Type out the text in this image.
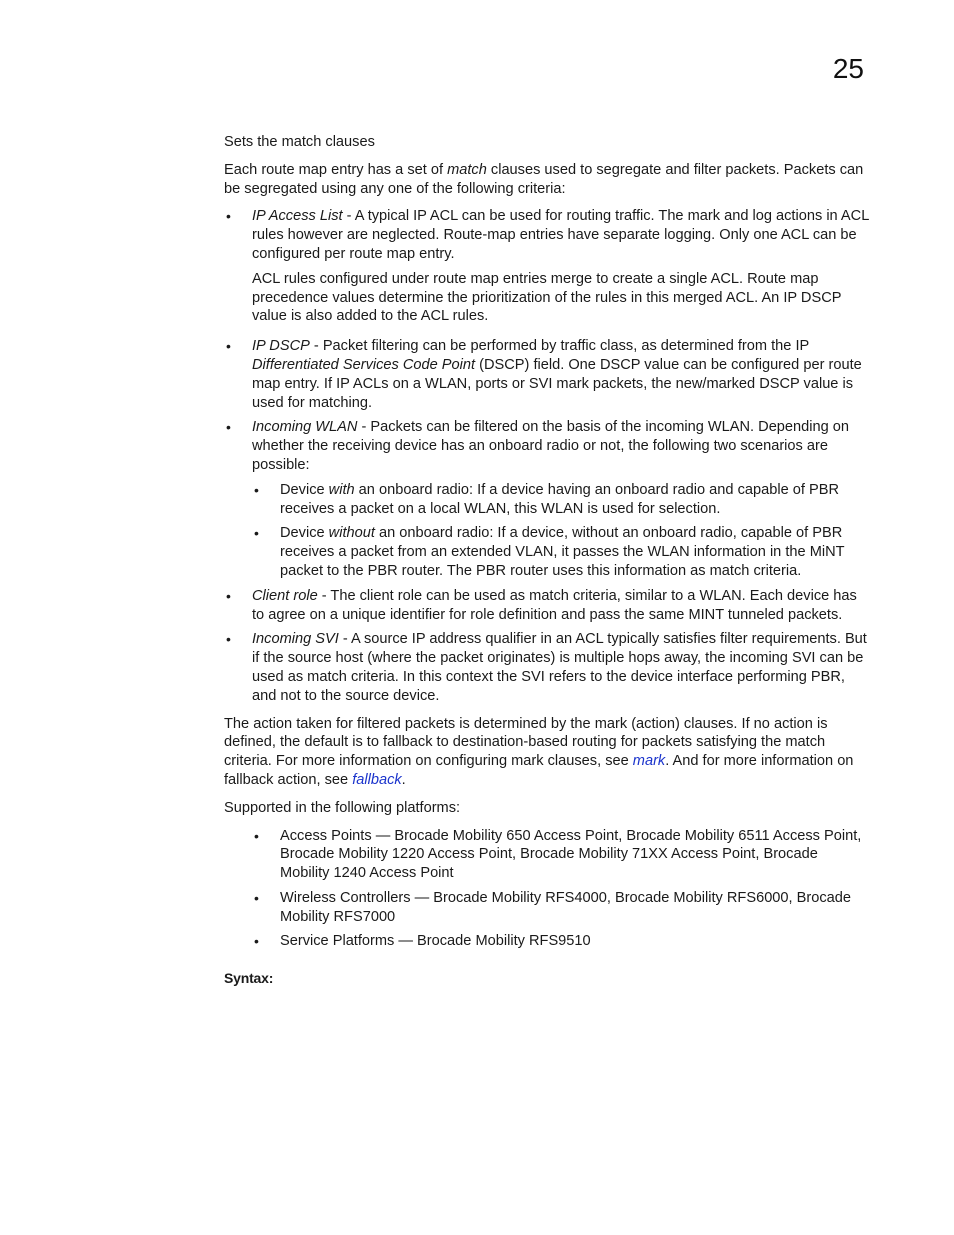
25

Sets the match clauses

Each route map entry has a set of match clauses used to segregate and filter packets. Packets can be segregated using any one of the following criteria:

• IP Access List - A typical IP ACL can be used for routing traffic. The mark and log actions in ACL rules however are neglected. Route-map entries have separate logging. Only one ACL can be configured per route map entry.

ACL rules configured under route map entries merge to create a single ACL. Route map precedence values determine the prioritization of the rules in this merged ACL. An IP DSCP value is also added to the ACL rules.

• IP DSCP - Packet filtering can be performed by traffic class, as determined from the IP Differentiated Services Code Point (DSCP) field. One DSCP value can be configured per route map entry. If IP ACLs on a WLAN, ports or SVI mark packets, the new/marked DSCP value is used for matching.
• Incoming WLAN - Packets can be filtered on the basis of the incoming WLAN. Depending on whether the receiving device has an onboard radio or not, the following two scenarios are possible:
• Device with an onboard radio: If a device having an onboard radio and capable of PBR receives a packet on a local WLAN, this WLAN is used for selection.
• Device without an onboard radio: If a device, without an onboard radio, capable of PBR receives a packet from an extended VLAN, it passes the WLAN information in the MiNT packet to the PBR router. The PBR router uses this information as match criteria.
• Client role - The client role can be used as match criteria, similar to a WLAN. Each device has to agree on a unique identifier for role definition and pass the same MINT tunneled packets.
• Incoming SVI - A source IP address qualifier in an ACL typically satisfies filter requirements. But if the source host (where the packet originates) is multiple hops away, the incoming SVI can be used as match criteria. In this context the SVI refers to the device interface performing PBR, and not to the source device.

The action taken for filtered packets is determined by the mark (action) clauses. If no action is defined, the default is to fallback to destination-based routing for packets satisfying the match criteria. For more information on configuring mark clauses, see mark. And for more information on fallback action, see fallback.

Supported in the following platforms:

• Access Points — Brocade Mobility 650 Access Point, Brocade Mobility 6511 Access Point, Brocade Mobility 1220 Access Point, Brocade Mobility 71XX Access Point, Brocade Mobility 1240 Access Point
• Wireless Controllers — Brocade Mobility RFS4000, Brocade Mobility RFS6000, Brocade Mobility RFS7000
• Service Platforms — Brocade Mobility RFS9510

Syntax:
